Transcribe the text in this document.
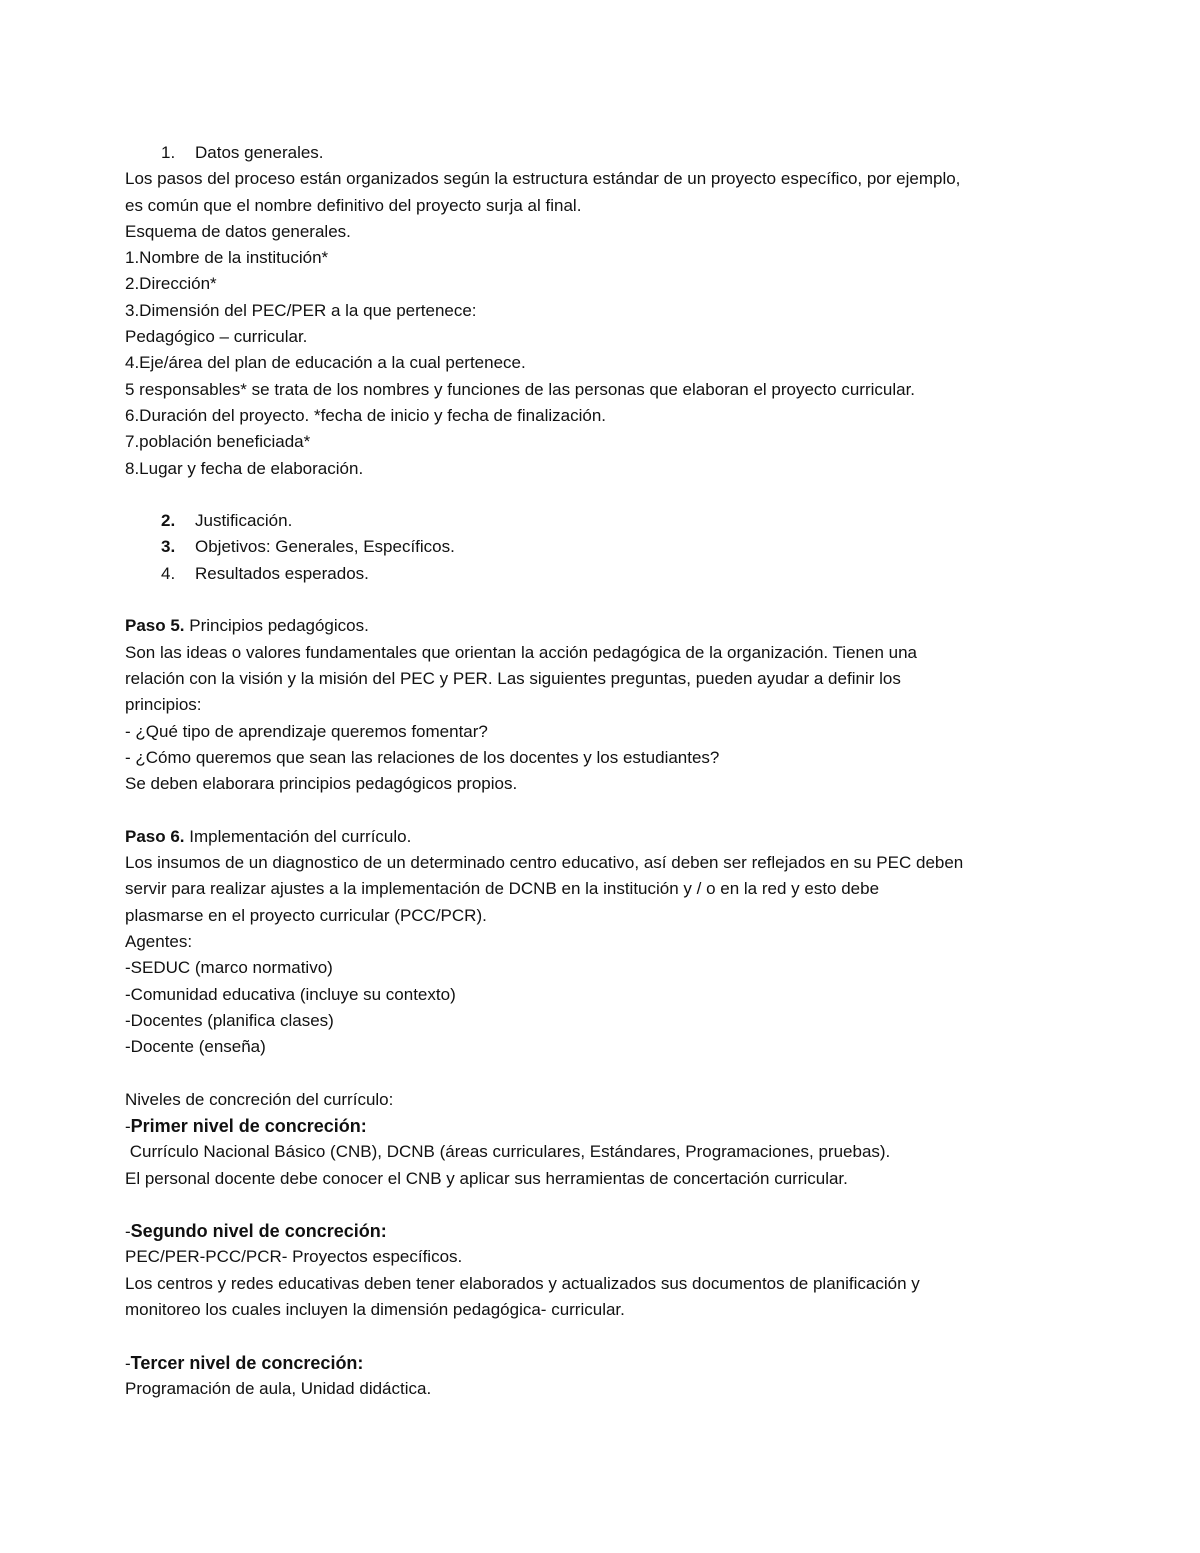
1. Datos generales.
Los pasos del proceso están organizados según la estructura estándar de un proyecto específico, por ejemplo,
es común que el nombre definitivo del proyecto surja al final.
Esquema de datos generales.
1.Nombre de la institución*
2.Dirección*
3.Dimensión del PEC/PER a la que pertenece:
Pedagógico – curricular.
4.Eje/área del plan de educación a la cual pertenece.
5 responsables* se trata de los nombres y funciones de las personas que elaboran el proyecto curricular.
6.Duración del proyecto. *fecha de inicio y fecha de finalización.
7.población beneficiada*
8.Lugar y fecha de elaboración.
2. Justificación.
3. Objetivos: Generales, Específicos.
4. Resultados esperados.
Paso 5. Principios pedagógicos.
Son las ideas o valores fundamentales que orientan la acción pedagógica de la organización. Tienen una
relación con la visión y la misión del PEC y PER. Las siguientes preguntas, pueden ayudar a definir los
principios:
- ¿Qué tipo de aprendizaje queremos fomentar?
- ¿Cómo queremos que sean las relaciones de los docentes y los estudiantes?
Se deben elaborara principios pedagógicos propios.
Paso 6. Implementación del currículo.
Los insumos de un diagnostico de un determinado centro educativo, así deben ser reflejados en su PEC deben
servir para realizar ajustes a la implementación de DCNB en la institución y / o en la red y esto debe
plasmarse en el proyecto curricular (PCC/PCR).
Agentes:
-SEDUC (marco normativo)
-Comunidad educativa (incluye su contexto)
-Docentes (planifica clases)
-Docente (enseña)
Niveles de concreción del currículo:
-Primer nivel de concreción:
Currículo Nacional Básico (CNB), DCNB (áreas curriculares, Estándares, Programaciones, pruebas).
El personal docente debe conocer el CNB y aplicar sus herramientas de concertación curricular.
-Segundo nivel de concreción:
PEC/PER-PCC/PCR- Proyectos específicos.
Los centros y redes educativas deben tener elaborados y actualizados sus documentos de planificación y
monitoreo los cuales incluyen la dimensión pedagógica- curricular.
-Tercer nivel de concreción:
Programación de aula, Unidad didáctica.
